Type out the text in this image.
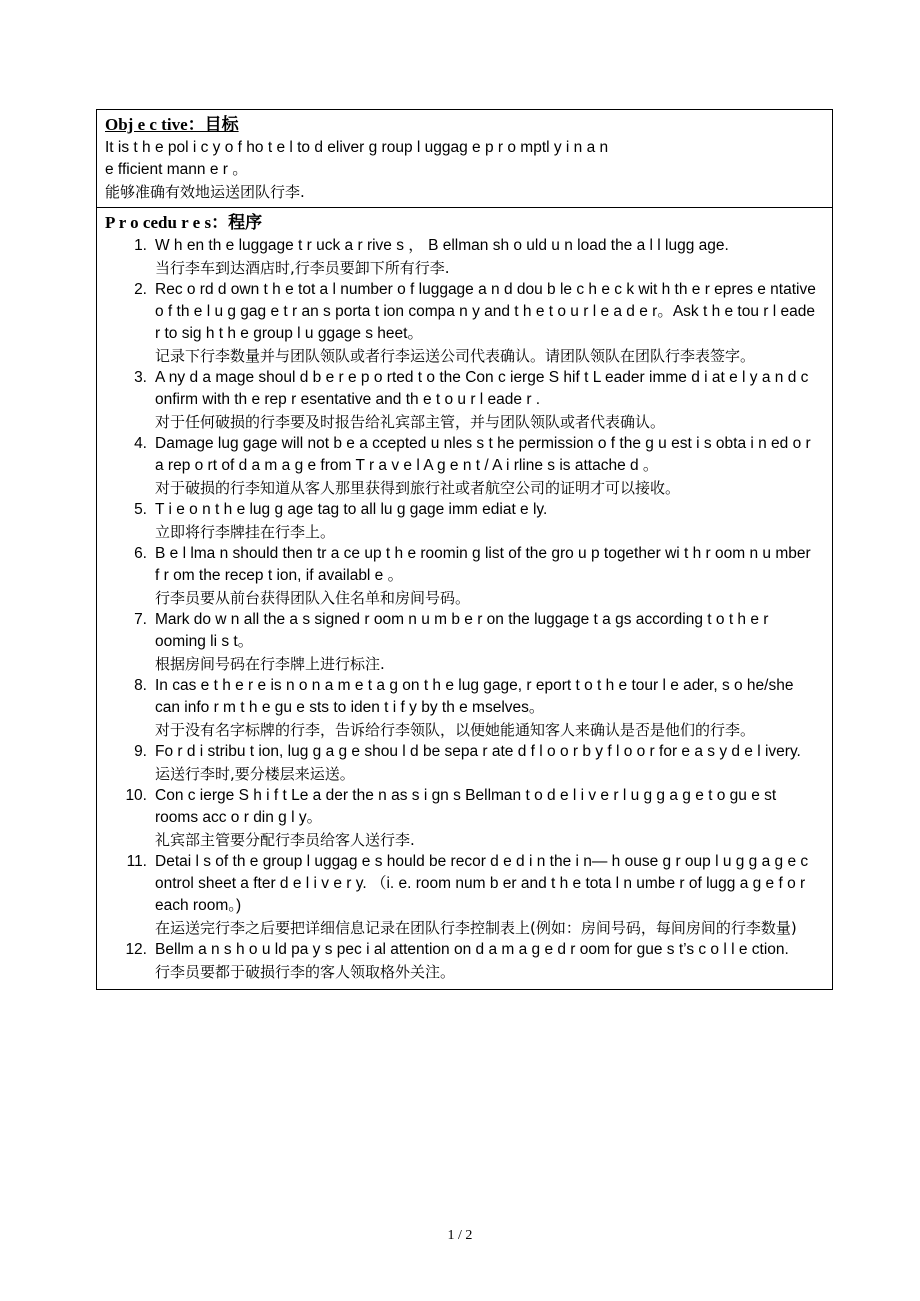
Obj e c tive：目标
It is t h e pol i c y o f ho t e l to d eliver g roup l uggag e p r o mptl y i n a n
e fficient mann e r 。
能够准确有效地运送团队行李.
P r o cedu r e s：程序
1. W h en th e luggage t r uck a r rive s ， B ellman sh o uld u n load the a l l lugg age.
当行李车到达酒店时,行李员要卸下所有行李.
2. Rec o rd d own t h e tot a l number o f luggage a n d dou b le c h e c k wit h th e r epres e ntative o f th e l u g gag e t r an s porta t ion compa n y and t h e t o u r l e a d e r。Ask t h e tou r l eade r to sig h t h e group l u ggage s heet。
记录下行李数量并与团队领队或者行李运送公司代表确认。请团队领队在团队行李表签字。
3. A ny d a mage shoul d b e r e p o rted t o the Con c ierge S hif t L eader imme d i at e l y a n d c onfirm with th e rep r esentative and th e t o u r l eade r .
对于任何破损的行李要及时报告给礼宾部主管，并与团队领队或者代表确认。
4. Damage lug gage will not b e a ccepted u nles s t he permission o f the g u est i s obta i n ed o r a rep o rt of d a m a g e from T r a v e l A g e n t / A i rline s is attache d 。
对于破损的行李知道从客人那里获得到旅行社或者航空公司的证明才可以接收。
5. T i e o n t h e lug g age tag to all lu g gage imm ediat e ly.
立即将行李牌挂在行李上。
6. B e l lma n should then tr a ce up t h e roomin g list of the gro u p together wi t h r oom n u mber f r om the recep t ion, if availabl e 。
行李员要从前台获得团队入住名单和房间号码。
7. Mark do w n all the a s signed r oom n u m b e r on the luggage t a gs according t o t h e r ooming li s t。
根据房间号码在行李牌上进行标注.
8. In cas e t h e r e is n o n a m e t a g on t h e lug gage, r eport t o t h e tour l e ader, s o he/she can info r m t h e gu e sts to iden t i f y by th e mselves。
对于没有名字标牌的行李，告诉给行李领队，以便她能通知客人来确认是否是他们的行李。
9. Fo r d i stribu t ion, lug g a g e shou l d be sepa r ate d f l o o r b y f l o o r for e a s y d e l ivery.
运送行李时,要分楼层来运送。
10. Con c ierge S h i f t Le a der the n as s i gn s Bellman t o d e l i v e r l u g g a g e t o gu e st rooms acc o r din g l y。
礼宾部主管要分配行李员给客人送行李.
11. Detai l s of th e group l uggag e s hould be recor d e d i n the i n— h ouse g r oup l u g g a g e c ontrol sheet a fter d e l i v e r y. （i. e. room num b er and t h e tota l n umbe r of lugg a g e f o r each room。)
在运送完行李之后要把详细信息记录在团队行李控制表上(例如：房间号码，每间房间的行李数量)
12. Bellm a n s h o u ld pa y s pec i al attention on d a m a g e d r oom for gue s t’s c o l l e ction.
行李员要都于破损行李的客人领取格外关注。
1 / 2
